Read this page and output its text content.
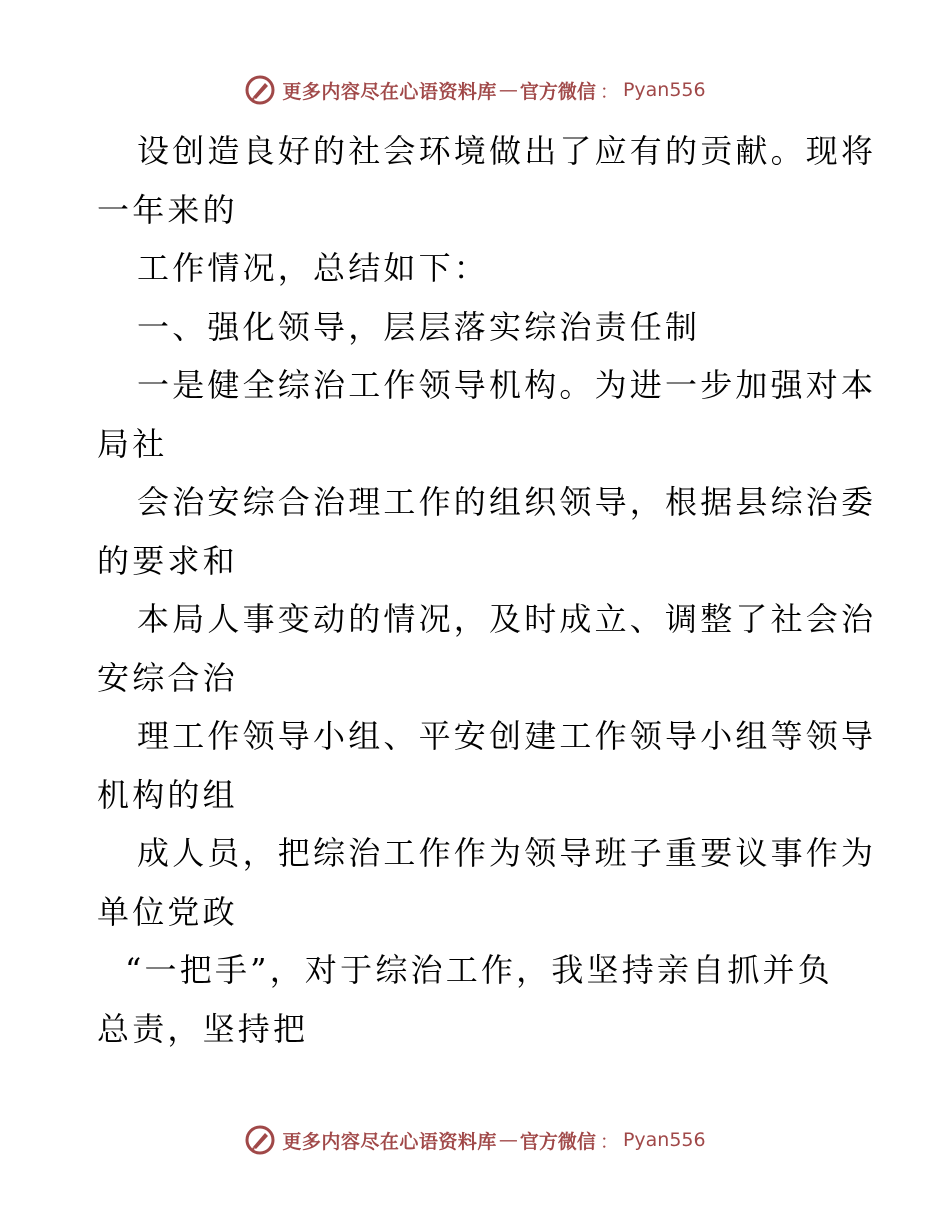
更多内容尽在心语资料库 — 官方微信 ： Pyan556

设创造良好的社会环境做出了应有的贡献。现将

一年来的

工作情况，总结如下：

一、强化领导，层层落实综治责任制

一是健全综治工作领导机构。为进一步加强对本

局社

会治安综合治理工作的组织领导，根据县综治委

的要求和

本局人事变动的情况，及时成立、调整了社会治

安综合治

理工作领导小组、平安创建工作领导小组等领导

机构的组

成人员，把综治工作作为领导班子重要议事作为

单位党政

“一把手”，对于综治工作，我坚持亲自抓并负

总责，坚持把

更多内容尽在心语资料库 — 官方微信 ： Pyan556
